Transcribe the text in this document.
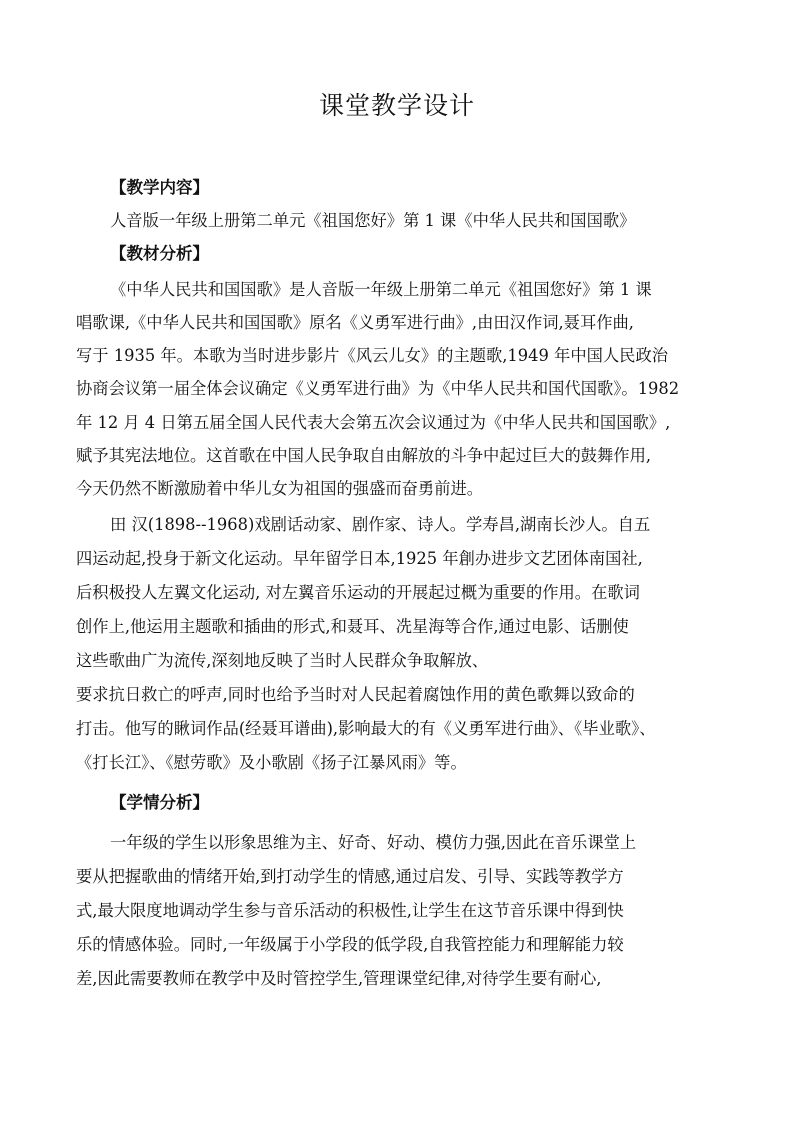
课堂教学设计
【教学内容】
人音版一年级上册第二单元《祖国您好》第 1 课《中华人民共和国国歌》
【教材分析】
《中华人民共和国国歌》是人音版一年级上册第二单元《祖国您好》第 1 课
唱歌课,《中华人民共和国国歌》原名《义勇军进行曲》,由田汉作词,聂耳作曲,
写于 1935 年。本歌为当时进步影片《风云儿女》的主题歌,1949 年中国人民政治
协商会议第一届全体会议确定《义勇军进行曲》为《中华人民共和国代国歌》。1982
年 12 月 4 日第五届全国人民代表大会第五次会议通过为《中华人民共和国国歌》,
赋予其宪法地位。这首歌在中国人民争取自由解放的斗争中起过巨大的鼓舞作用,
今天仍然不断激励着中华儿女为祖国的强盛而奋勇前进。
田 汉(1898--1968)戏剧话动家、剧作家、诗人。学寿昌,湖南长沙人。自五
四运动起,投身于新文化运动。早年留学日本,1925 年創办进步文艺团体南国社,
后积极投人左翼文化运动, 对左翼音乐运动的开展起过概为重要的作用。在歌词
创作上,他运用主题歌和插曲的形式,和聂耳、冼星海等合作,通过电影、话删使
这些歌曲广为流传,深刻地反映了当时人民群众争取解放、
要求抗日救亡的呼声,同时也给予当时对人民起着腐蚀作用的黄色歌舞以致命的
打击。他写的瞅词作品(经聂耳谱曲),影响最大的有《义勇军进行曲》、《毕业歌》、
《打长江》、《慰劳歌》及小歌剧《扬子江暴风雨》等。
【学情分析】
一年级的学生以形象思维为主、好奇、好动、模仿力强,因此在音乐课堂上
要从把握歌曲的情绪开始,到打动学生的情感,通过启发、引导、实践等教学方
式,最大限度地调动学生参与音乐活动的积极性,让学生在这节音乐课中得到快
乐的情感体验。同时,一年级属于小学段的低学段,自我管控能力和理解能力较
差,因此需要教师在教学中及时管控学生,管理课堂纪律,对待学生要有耐心,
